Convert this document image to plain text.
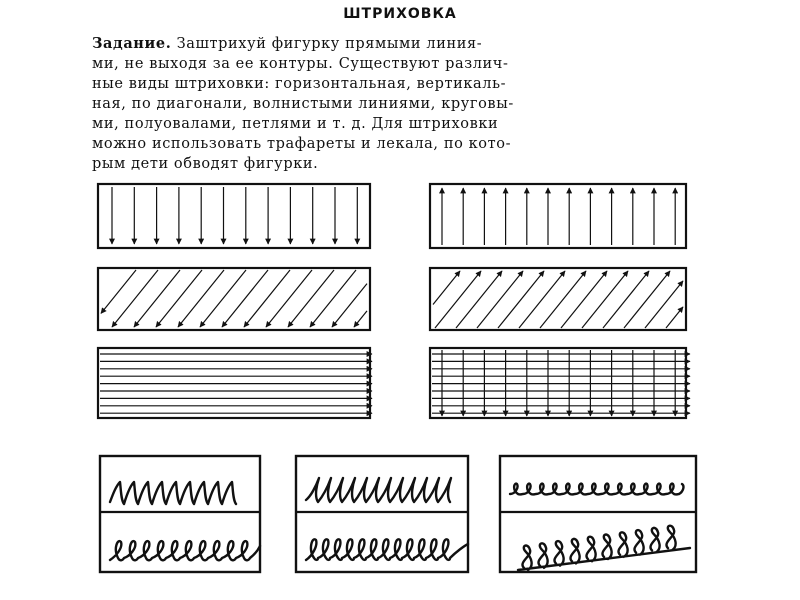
ШТРИХОВКА
Задание. Заштрихуй фигурку прямыми линия-
ми, не выходя за ее контуры. Существуют различ-
ные виды штриховки: горизонтальная, вертикаль-
ная, по диагонали, волнистыми линиями, круговы-
ми, полуовалами, петлями и т. д. Для штриховки
можно использовать трафареты и лекала, по кото-
рым дети обводят фигурки.
